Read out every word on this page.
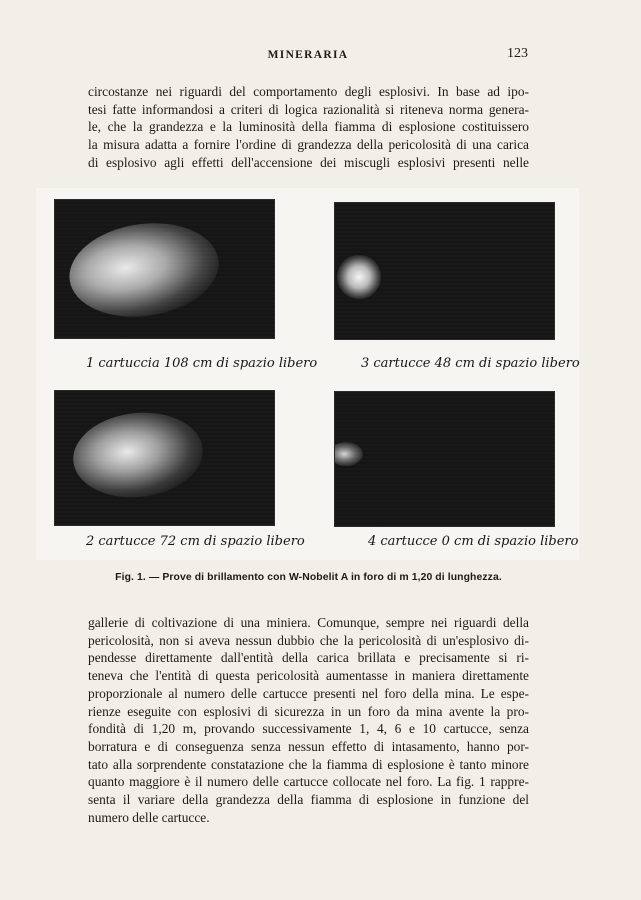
MINERARIA	123
circostanze nei riguardi del comportamento degli esplosivi. In base ad ipo-
tesi fatte informandosi a criteri di logica razionalità si riteneva norma genera-
le, che la grandezza e la luminosità della fiamma di esplosione costituissero
la misura adatta a fornire l'ordine di grandezza della pericolosità di una carica
di esplosivo agli effetti dell'accensione dei miscugli esplosivi presenti nelle
1 cartuccia 108 cm di spazio libero	3 cartucce 48 cm di spazio libero
2 cartucce 72 cm di spazio libero	4 cartucce 0 cm di spazio libero
Fig. 1. — Prove di brillamento con W-Nobelit A in foro di m 1,20 di lunghezza.
gallerie di coltivazione di una miniera. Comunque, sempre nei riguardi della
pericolosità, non si aveva nessun dubbio che la pericolosità di un'esplosivo di-
pendesse direttamente dall'entità della carica brillata e precisamente si ri-
teneva che l'entità di questa pericolosità aumentasse in maniera direttamente
proporzionale al numero delle cartucce presenti nel foro della mina. Le espe-
rienze eseguite con esplosivi di sicurezza in un foro da mina avente la pro-
fondità di 1,20 m, provando successivamente 1, 4, 6 e 10 cartucce, senza
borratura e di conseguenza senza nessun effetto di intasamento, hanno por-
tato alla sorprendente constatazione che la fiamma di esplosione è tanto minore
quanto maggiore è il numero delle cartucce collocate nel foro. La fig. 1 rappre-
senta il variare della grandezza della fiamma di esplosione in funzione del
numero delle cartucce.
